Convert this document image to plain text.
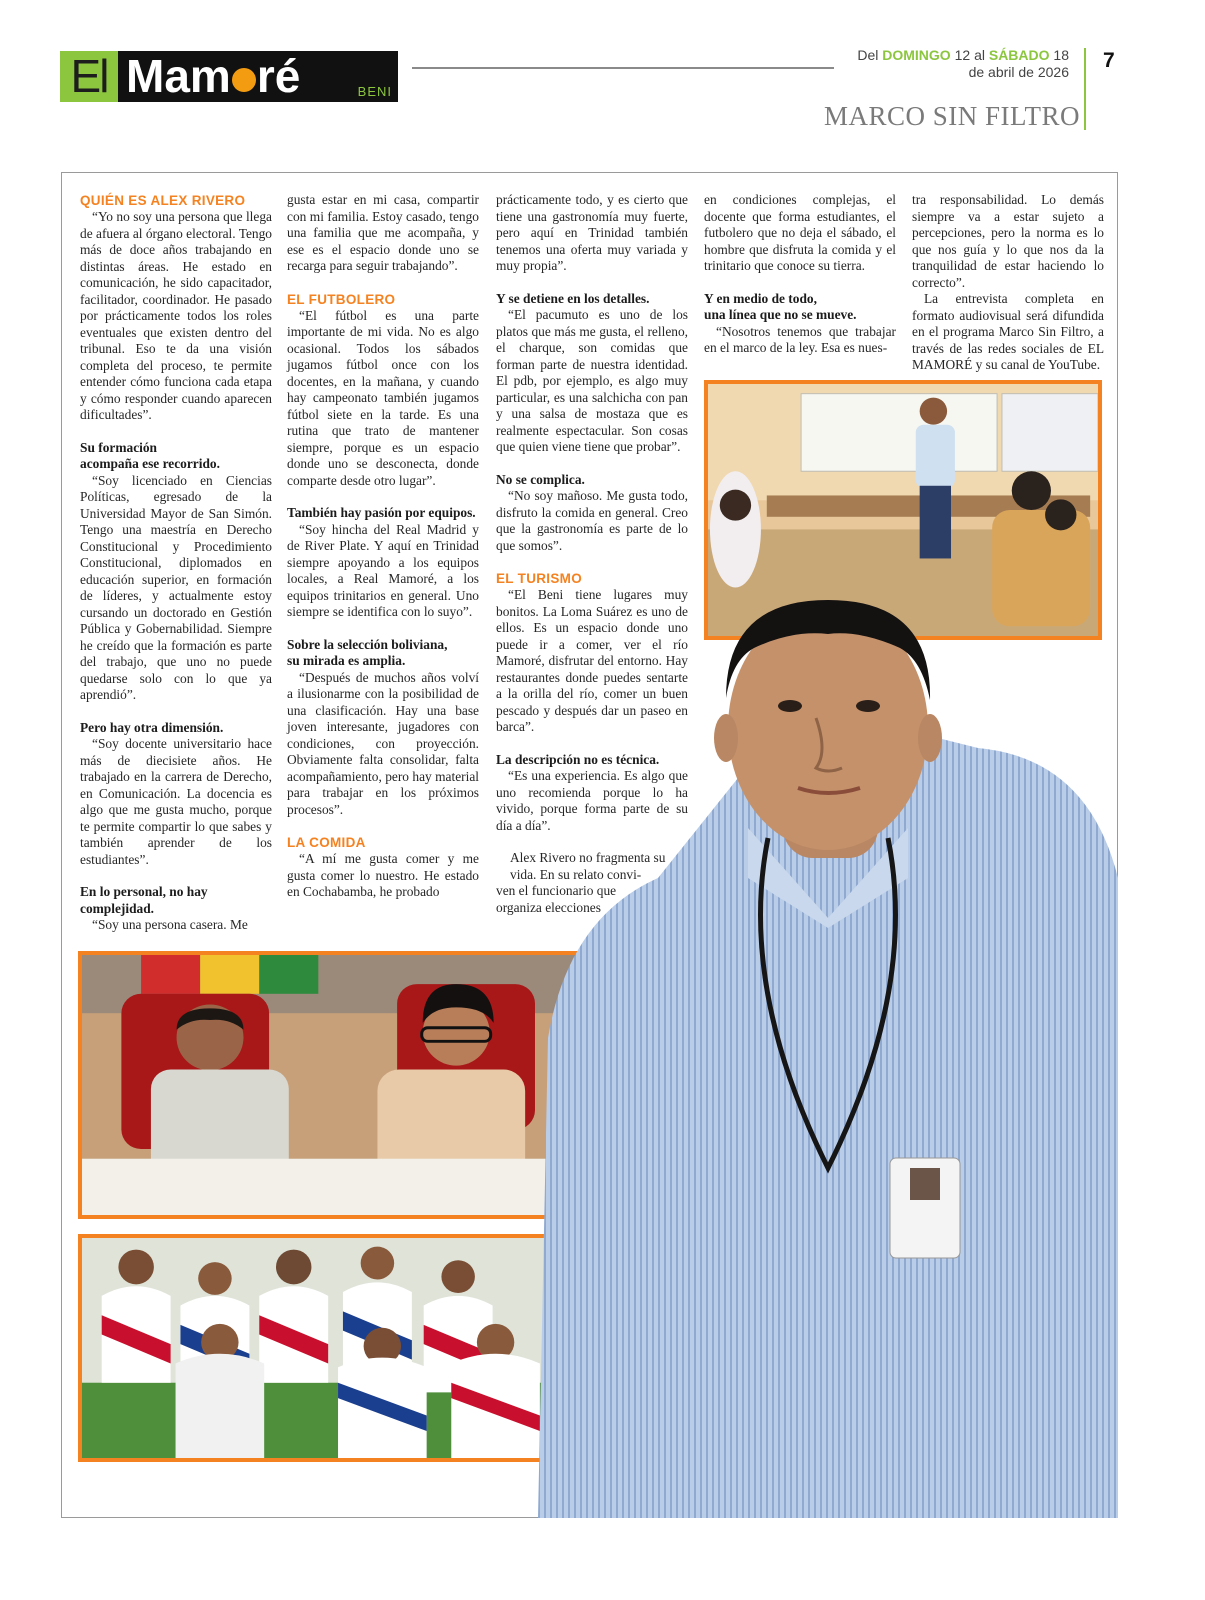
El Mam ré	BENI
Del DOMINGO 12 al SÁBADO 18
de abril de 2026 7
MARCO SIN FILTRO
QUIÉN ES ALEX RIVERO

“Yo no soy una persona que llega de afuera al órgano electoral. Tengo más de doce años trabajando en distintas áreas. He estado en comunicación, he sido capacitador, facilitador, coordinador. He pasado por prácticamente todos los roles eventuales que existen dentro del tribunal. Eso te da una visión completa del proceso, te permite entender cómo funciona cada etapa y cómo responder cuando aparecen dificultades”.

Su formación
acompaña ese recorrido.

“Soy licenciado en Ciencias Políticas, egresado de la Universidad Mayor de San Simón. Tengo una maestría en Derecho Constitucional y Procedimiento Constitucional, diplomados en educación superior, en formación de líderes, y actualmente estoy cursando un doctorado en Gestión Pública y Gobernabilidad. Siempre he creído que la formación es parte del trabajo, que uno no puede quedarse solo con lo que ya aprendió”.

Pero hay otra dimensión.

“Soy docente universitario hace más de diecisiete años. He trabajado en la carrera de Derecho, en Comunicación. La docencia es algo que me gusta mucho, porque te permite compartir lo que sabes y también aprender de los estudiantes”.

En lo personal, no hay complejidad.

“Soy una persona casera. Me

gusta estar en mi casa, compartir con mi familia. Estoy casado, tengo una familia que me acompaña, y ese es el espacio donde uno se recarga para seguir trabajando”.

EL FUTBOLERO

“El fútbol es una parte importante de mi vida. No es algo ocasional. Todos los sábados jugamos fútbol once con los docentes, en la mañana, y cuando hay campeonato también jugamos fútbol siete en la tarde. Es una rutina que trato de mantener siempre, porque es un espacio donde uno se desconecta, donde comparte desde otro lugar”.

También hay pasión por equipos.

“Soy hincha del Real Madrid y de River Plate. Y aquí en Trinidad siempre apoyando a los equipos locales, a Real Mamoré, a los equipos trinitarios en general. Uno siempre se identifica con lo suyo”.

Sobre la selección boliviana,
su mirada es amplia.

“Después de muchos años volví a ilusionarme con la posibilidad de una clasificación. Hay una base joven interesante, jugadores con condiciones, con proyección. Obviamente falta consolidar, falta acompañamiento, pero hay material para trabajar en los próximos procesos”.

LA COMIDA

“A mí me gusta comer y me gusta comer lo nuestro. He estado en Cochabamba, he probado

prácticamente todo, y es cierto que tiene una gastronomía muy fuerte, pero aquí en Trinidad también tenemos una oferta muy variada y muy propia”.

Y se detiene en los detalles.

“El pacumuto es uno de los platos que más me gusta, el relleno, el charque, son comidas que forman parte de nuestra identidad. El pdb, por ejemplo, es algo muy particular, es una salchicha con pan y una salsa de mostaza que es realmente espectacular. Son cosas que quien viene tiene que probar”.

No se complica.

“No soy mañoso. Me gusta todo, disfruto la comida en general. Creo que la gastronomía es parte de lo que somos”.

EL TURISMO

“El Beni tiene lugares muy bonitos. La Loma Suárez es uno de ellos. Es un espacio donde uno puede ir a comer, ver el río Mamoré, disfrutar del entorno. Hay restaurantes donde puedes sentarte a la orilla del río, comer un buen pescado y después dar un paseo en barca”.

La descripción no es técnica.

“Es una experiencia. Es algo que uno recomienda porque lo ha vivido, porque forma parte de su día a día”.

Alex Rivero no fragmenta su
vida. En su relato convi-
ven el funcionario que
organiza elecciones

en condiciones complejas, el docente que forma estudiantes, el futbolero que no deja el sábado, el hombre que disfruta la comida y el trinitario que conoce su tierra.

Y en medio de todo,
una línea que no se mueve.

“Nosotros tenemos que trabajar en el marco de la ley. Esa es nues-

tra responsabilidad. Lo demás siempre va a estar sujeto a percepciones, pero la norma es lo que nos guía y lo que nos da la tranquilidad de estar haciendo lo correcto”.

La entrevista completa en formato audiovisual será difundida en el programa Marco Sin Filtro, a través de las redes sociales de EL MAMORÉ y su canal de YouTube.
